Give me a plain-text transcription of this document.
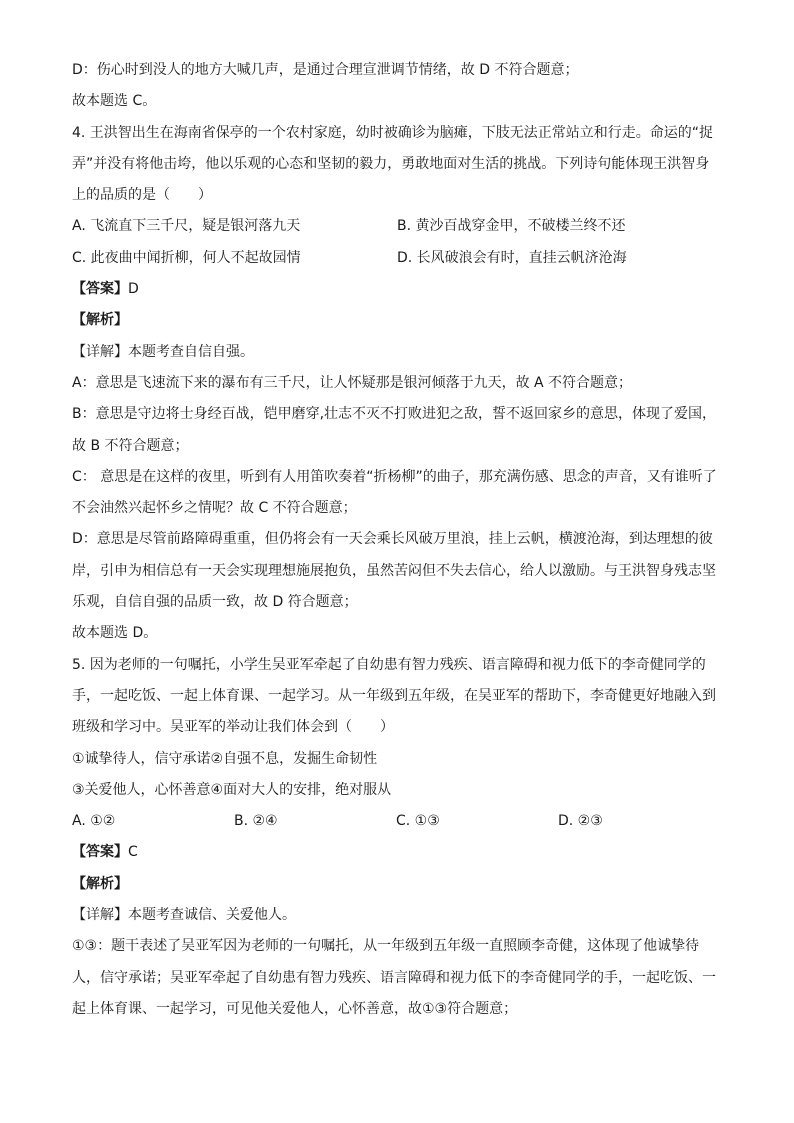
D：伤心时到没人的地方大喊几声，是通过合理宣泄调节情绪，故 D 不符合题意；
故本题选 C。
4. 王洪智出生在海南省保亭的一个农村家庭，幼时被确诊为脑瘫，下肢无法正常站立和行走。命运的“捉
弄”并没有将他击垮，他以乐观的心态和坚韧的毅力，勇敢地面对生活的挑战。下列诗句能体现王洪智身
上的品质的是（　　）
A. 飞流直下三千尺，疑是银河落九天	B. 黄沙百战穿金甲，不破楼兰终不还
C. 此夜曲中闻折柳，何人不起故园情	D. 长风破浪会有时，直挂云帆济沧海
【答案】D
【解析】
【详解】本题考查自信自强。
A：意思是飞速流下来的瀑布有三千尺，让人怀疑那是银河倾落于九天，故 A 不符合题意；
B：意思是守边将士身经百战，铠甲磨穿,壮志不灭不打败进犯之敌，誓不返回家乡的意思，体现了爱国，
故 B 不符合题意；
C： 意思是在这样的夜里，听到有人用笛吹奏着“折杨柳”的曲子，那充满伤感、思念的声音，又有谁听了
不会油然兴起怀乡之情呢？故 C 不符合题意；
D：意思是尽管前路障碍重重，但仍将会有一天会乘长风破万里浪，挂上云帆，横渡沧海，到达理想的彼
岸，引申为相信总有一天会实现理想施展抱负，虽然苦闷但不失去信心，给人以激励。与王洪智身残志坚
乐观，自信自强的品质一致，故 D 符合题意；
故本题选 D。
5. 因为老师的一句嘱托，小学生吴亚军牵起了自幼患有智力残疾、语言障碍和视力低下的李奇健同学的
手，一起吃饭、一起上体育课、一起学习。从一年级到五年级，在吴亚军的帮助下，李奇健更好地融入到
班级和学习中。吴亚军的举动让我们体会到（　　）
①诚挚待人，信守承诺②自强不息，发掘生命韧性
③关爱他人，心怀善意④面对大人的安排，绝对服从
A. ①②	B. ②④	C. ①③	D. ②③
【答案】C
【解析】
【详解】本题考查诚信、关爱他人。
①③：题干表述了吴亚军因为老师的一句嘱托，从一年级到五年级一直照顾李奇健，这体现了他诚挚待
人，信守承诺；吴亚军牵起了自幼患有智力残疾、语言障碍和视力低下的李奇健同学的手，一起吃饭、一
起上体育课、一起学习，可见他关爱他人，心怀善意，故①③符合题意；
